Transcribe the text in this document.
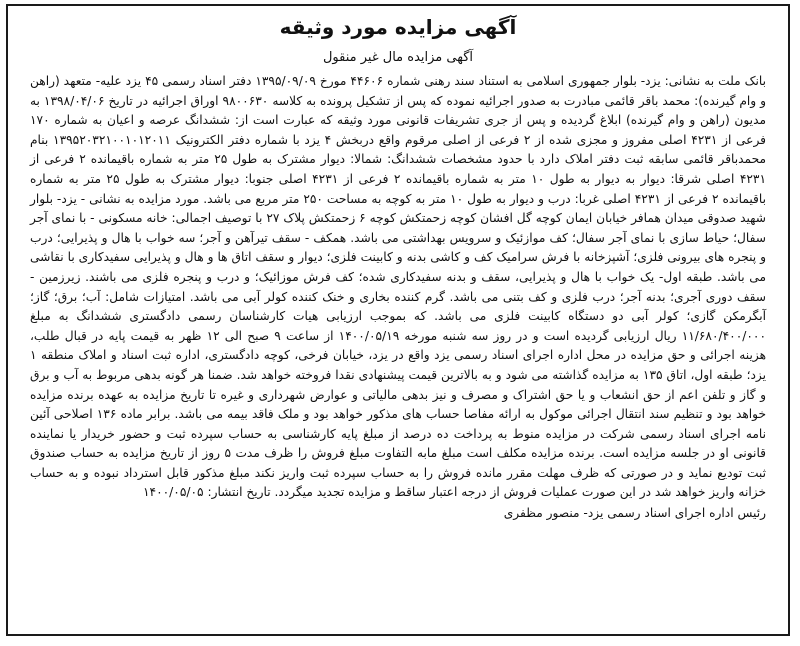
آگهی مزایده مورد وثیقه

آگهی مزایده مال غیر منقول

بانک ملت به نشانی: یزد- بلوار جمهوری اسلامی به استناد سند رهنی شماره ۴۴۶۰۶ مورخ ۱۳۹۵/۰۹/۰۹ دفتر اسناد رسمی ۴۵ یزد علیه- متعهد (راهن و وام گیرنده): محمد باقر قائمی مبادرت به صدور اجرائیه نموده که پس از تشکیل پرونده به کلاسه ۹۸۰۰۶۳۰ اوراق اجرائیه در تاریخ ۱۳۹۸/۰۴/۰۶ به مدیون (راهن و وام گیرنده) ابلاغ گردیده و پس از جری تشریفات قانونی مورد وثیقه که عبارت است از: ششدانگ عرصه و اعیان به شماره ۱۷۰ فرعی از ۴۲۳۱ اصلی مفروز و مجزی شده از ۲ فرعی از اصلی مرقوم واقع دربخش ۴ یزد با شماره دفتر الکترونیک ۱۳۹۵۲۰۳۲۱۰۰۱۰۱۲۰۱۱ بنام محمدباقر قائمی سابقه ثبت دفتر املاک دارد با حدود مشخصات ششدانگ: شمالا: دیوار مشترک به طول ۲۵ متر به شماره باقیمانده ۲ فرعی از ۴۲۳۱ اصلی شرقا: دیوار به دیوار به طول ۱۰ متر به شماره باقیمانده ۲ فرعی از ۴۲۳۱ اصلی جنوبا: دیوار مشترک به طول ۲۵ متر به شماره باقیمانده ۲ فرعی از ۴۲۳۱ اصلی غربا: درب و دیوار به طول ۱۰ متر به کوچه به مساحت ۲۵۰ متر مربع می باشد. مورد مزایده به نشانی - یزد- بلوار شهید صدوقی میدان همافر خیابان ایمان کوچه گل افشان کوچه زحمتکش کوچه ۶ زحمتکش پلاک ۲۷ با توصیف اجمالی: خانه مسکونی - با نمای آجر سفال؛ حیاط سازی با نمای آجر سفال؛ کف موازئیک و سرویس بهداشتی می باشد. همکف - سقف تیرآهن و آجر؛ سه خواب با هال و پذیرایی؛ درب و پنجره های بیرونی فلزی؛ آشپزخانه با فرش سرامیک کف و کاشی بدنه و کابینت فلزی؛ دیوار و سقف اتاق ها و هال و پذیرایی سفیدکاری با نقاشی می باشد. طبقه اول- یک خواب با هال و پذیرایی، سقف و بدنه سفیدکاری شده؛ کف فرش موزائیک؛ و درب و پنجره فلزی می باشند. زیرزمین - سقف دوری آجری؛ بدنه آجر؛ درب فلزی و کف بتنی می باشد. گرم کننده بخاری و خنک کننده کولر آبی می باشد. امتیازات شامل: آب؛ برق؛ گاز؛ آبگرمکن گازی؛ کولر آبی دو دستگاه کابینت فلزی می باشد. که بموجب ارزیابی هیات کارشناسان رسمی دادگستری ششدانگ به مبلغ ۱۱/۶۸۰/۴۰۰/۰۰۰ ریال ارزیابی گردیده است و در روز سه شنبه مورخه ۱۴۰۰/۰۵/۱۹ از ساعت ۹ صبح الی ۱۲ ظهر به قیمت پایه در قبال طلب، هزینه اجرائی و حق مزایده در محل اداره اجرای اسناد رسمی یزد واقع در یزد، خیابان فرخی، کوچه دادگستری، اداره ثبت اسناد و املاک منطقه ۱ یزد؛ طبقه اول، اتاق ۱۳۵ به مزایده گذاشته می شود و به بالاترین قیمت پیشنهادی نقدا فروخته خواهد شد. ضمنا هر گونه بدهی مربوط به آب و برق و گاز و تلفن اعم از حق انشعاب و یا حق اشتراک و مصرف و نیز بدهی مالیاتی و عوارض شهرداری و غیره تا تاریخ مزایده به عهده برنده مزایده خواهد بود و تنظیم سند انتقال اجرائی موکول به ارائه مفاصا حساب های مذکور خواهد بود و ملک فاقد بیمه می باشد. برابر ماده ۱۳۶ اصلاحی آئین نامه اجرای اسناد رسمی شرکت در مزایده منوط به پرداخت ده درصد از مبلغ پایه کارشناسی به حساب سپرده ثبت و حضور خریدار یا نماینده قانونی او در جلسه مزایده است. برنده مزایده مکلف است مبلغ مابه التفاوت مبلغ فروش را ظرف مدت ۵ روز از تاریخ مزایده به حساب صندوق ثبت تودیع نماید و در صورتی که ظرف مهلت مقرر مانده فروش را به حساب سپرده ثبت واریز نکند مبلغ مذکور قابل استرداد نبوده و به حساب خزانه واریز خواهد شد در این صورت عملیات فروش از درجه اعتبار ساقط و مزایده تجدید میگردد. تاریخ انتشار: ۱۴۰۰/۰۵/۰۵

رئیس اداره اجرای اسناد رسمی یزد- منصور مظفری
